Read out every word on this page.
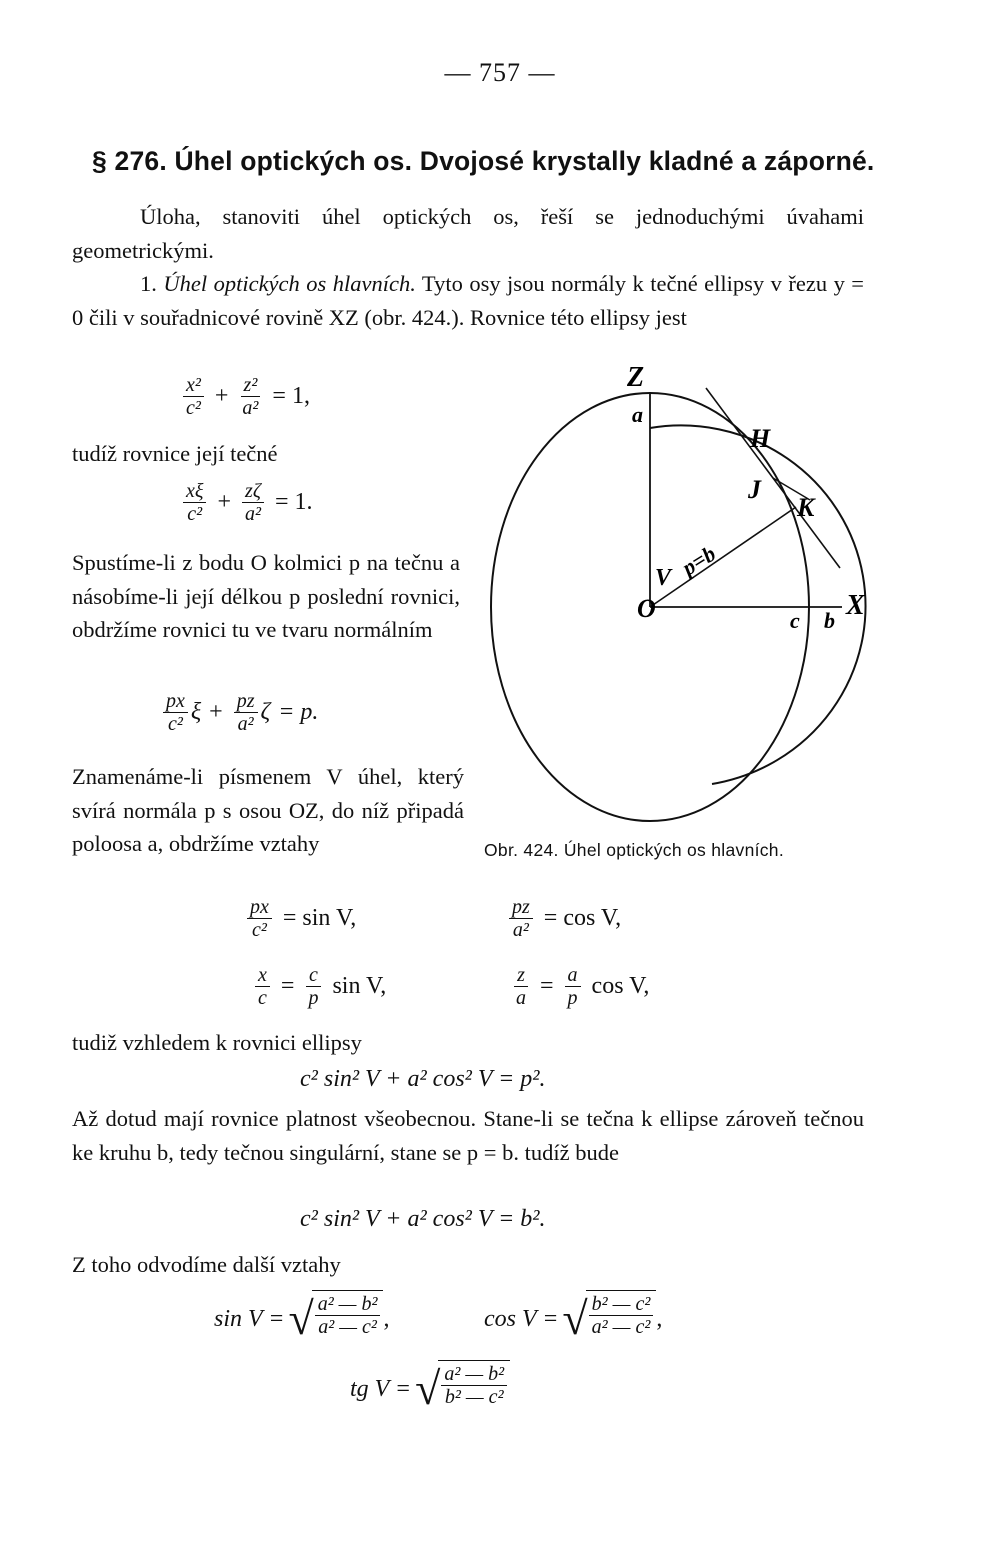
— 757 —
§ 276. Úhel optických os. Dvojosé krystally kladné a záporné.

Úloha, stanoviti úhel optických os, řeší se jednoduchými úvahami geometrickými.

1. Úhel optických os hlavních. Tyto osy jsou normály k tečné ellipsy v řezu y = 0 čili v souřadnicové rovině XZ (obr. 424.). Rovnice této ellipsy jest

$\frac{\text{x²}}{\text{c²}} + \frac{\text{z²}}{\text{a²}} = 1$,
tudíž rovnice její tečné
$\frac{x\xi}{\text{c²}} + \frac{z\zeta}{\text{a²}} = 1$.
Spustíme-li z bodu O kolmici p na tečnu a násobíme-li její délkou p poslední rovnici, obdržíme rovnici tu ve tvaru normálním
$\frac{px}{\text{c²}}$ $\xi + \frac{pz}{\text{a²}}$ ζ = p.
Znamenáme-li písmenem V úhel, který svírá normála p s osou OZ, do níž připadá poloosa a, obdržíme vztahy
Z
a
H
J
K
V p=b
O	c b X
Obr. 424. Úhel optických os hlavních.
$\frac{px}{\text{c²}} = \sin V$,	$\frac{pz}{\text{a²}} = \cos V$,
$\frac{x}{c} = \frac{c}{p}$ sin V,	$\frac{z}{a} = \frac{a}{p}$ cos V,
tudiž vzhledem k rovnici ellipsy
c² sin² V + a² cos² V = p².
Až dotud mají rovnice platnost všeobecnou. Stane-li se tečna k ellipse zároveň tečnou ke kruhu b, tedy tečnou singulární, stane se p = b. tudíž bude
c² sin² V + a² cos² V = b².
Z toho odvodíme další vztahy
sin V = √ $\frac{\text{a² — b²}}{\text{a² — c²}}$ ,	cos V = √ $\frac{\text{b² — c²}}{\text{a² — c²}}$ ,
tg V = √ $\frac{\text{a² — b²}}{\text{b² — c²}}$
